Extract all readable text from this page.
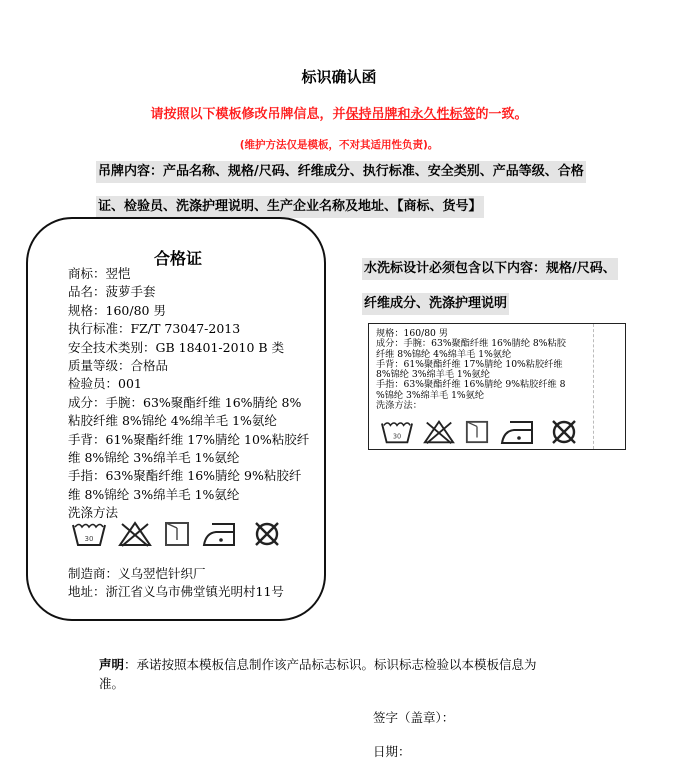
标识确认函
请按照以下模板修改吊牌信息，并保持吊牌和永久性标签的一致。
(维护方法仅是模板，不对其适用性负责)。
吊牌内容：产品名称、规格/尺码、纤维成分、执行标准、安全类别、产品等级、合格
证、检验员、洗涤护理说明、生产企业名称及地址、【商标、货号】
合格证
商标：翌恺
品名：菠萝手套
规格：160/80 男
执行标准：FZ/T 73047-2013
安全技术类别：GB 18401-2010 B 类
质量等级：合格品
检验员：001
成分：手腕：63%聚酯纤维 16%腈纶 8%
粘胶纤维 8%锦纶 4%绵羊毛 1%氨纶
手背：61%聚酯纤维 17%腈纶 10%粘胶纤
维 8%锦纶 3%绵羊毛 1%氨纶
手指：63%聚酯纤维 16%腈纶 9%粘胶纤
维 8%锦纶 3%绵羊毛 1%氨纶
洗涤方法
30
制造商：义乌翌恺针织厂
地址：浙江省义乌市佛堂镇光明村11号
水洗标设计必须包含以下内容：规格/尺码、
纤维成分、洗涤护理说明
规格：160/80 男
成分：手腕：63%聚酯纤维 16%腈纶 8%粘胶
纤维 8%锦纶 4%绵羊毛 1%氨纶
手背：61%聚酯纤维 17%腈纶 10%粘胶纤维
8%锦纶 3%绵羊毛 1%氨纶
手指：63%聚酯纤维 16%腈纶 9%粘胶纤维 8
%锦纶 3%绵羊毛 1%氨纶
洗涤方法：
30
声明：承诺按照本模板信息制作该产品标志标识。标识标志检验以本模板信息为
准。
签字（盖章）：
日期：
